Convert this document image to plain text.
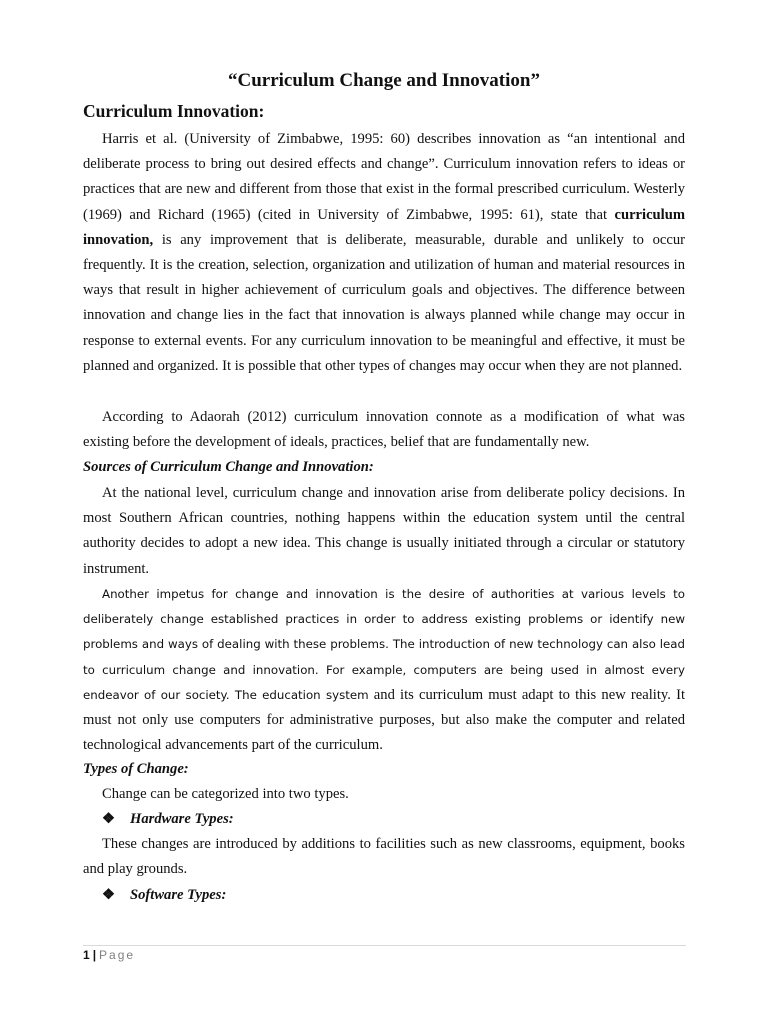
“Curriculum Change and Innovation”
Curriculum Innovation:

Harris et al. (University of Zimbabwe, 1995: 60) describes innovation as “an intentional and deliberate process to bring out desired effects and change”. Curriculum innovation refers to ideas or practices that are new and different from those that exist in the formal prescribed curriculum. Westerly (1969) and Richard (1965) (cited in University of Zimbabwe, 1995: 61), state that curriculum innovation, is any improvement that is deliberate, measurable, durable and unlikely to occur frequently. It is the creation, selection, organization and utilization of human and material resources in ways that result in higher achievement of curriculum goals and objectives. The difference between innovation and change lies in the fact that innovation is always planned while change may occur in response to external events. For any curriculum innovation to be meaningful and effective, it must be planned and organized. It is possible that other types of changes may occur when they are not planned.

According to Adaorah (2012) curriculum innovation connote as a modification of what was existing before the development of ideals, practices, belief that are fundamentally new.

Sources of Curriculum Change and Innovation:

At the national level, curriculum change and innovation arise from deliberate policy decisions. In most Southern African countries, nothing happens within the education system until the central authority decides to adopt a new idea. This change is usually initiated through a circular or statutory instrument.

Another impetus for change and innovation is the desire of authorities at various levels to deliberately change established practices in order to address existing problems or identify new problems and ways of dealing with these problems. The introduction of new technology can also lead to curriculum change and innovation. For example, computers are being used in almost every endeavor of our society. The education system and its curriculum must adapt to this new reality. It must not only use computers for administrative purposes, but also make the computer and related technological advancements part of the curriculum.

Types of Change:
Change can be categorized into two types.
❖ Hardware Types:

These changes are introduced by additions to facilities such as new classrooms, equipment, books and play grounds.

❖ Software Types:
1 | Page
